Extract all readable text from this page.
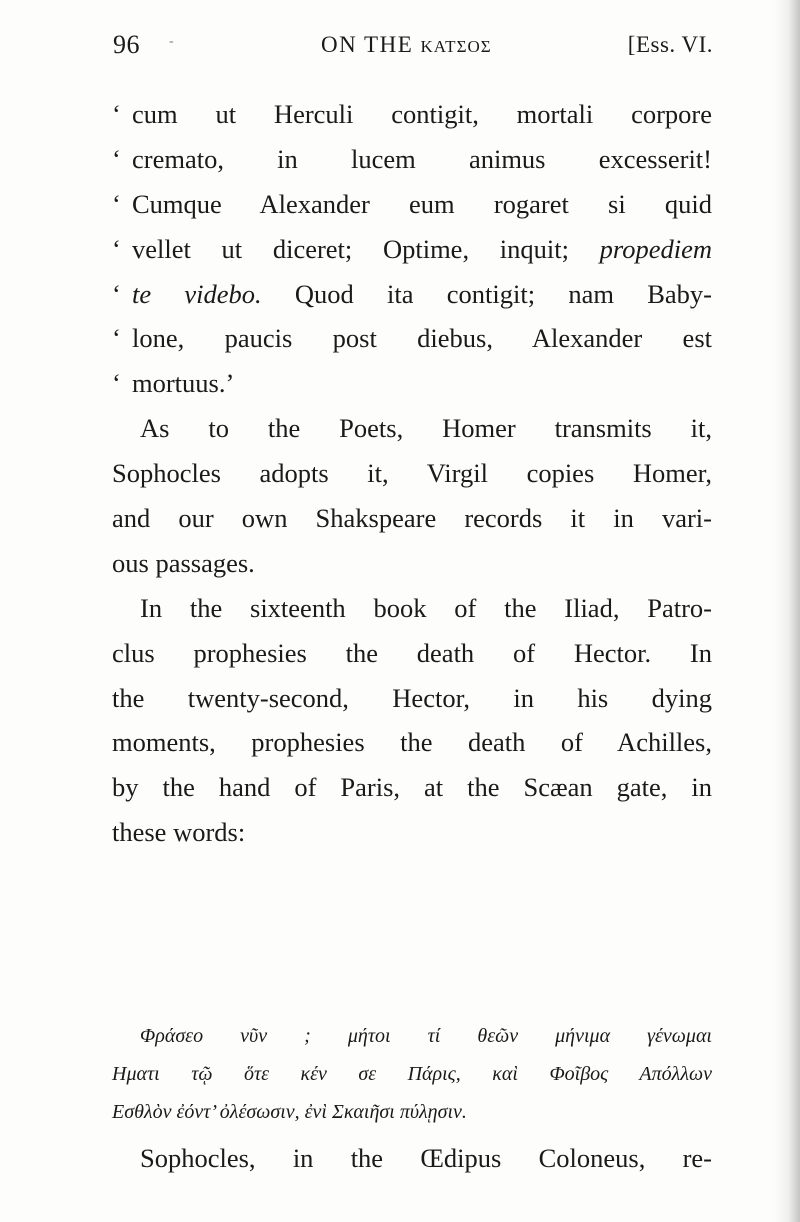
96 -	ON THE KATΣOΣ	[Ess. VI.
‘ cum ut Herculi contigit, mortali corpore
‘ cremato, in lucem animus excesserit!
‘ Cumque Alexander eum rogaret si quid
‘ vellet ut diceret; Optime, inquit; propediem
‘ te videbo. Quod ita contigit; nam Baby-
‘ lone, paucis post diebus, Alexander est
‘ mortuus.’
As to the Poets, Homer transmits it,
Sophocles adopts it, Virgil copies Homer,
and our own Shakspeare records it in vari-
ous passages.
In the sixteenth book of the Iliad, Patro-
clus prophesies the death of Hector. In
the twenty-second, Hector, in his dying
moments, prophesies the death of Achilles,
by the hand of Paris, at the Scæan gate, in
these words:
Φράσεο νῦν ; μήτοι τί θεῶν μήνιμα γένωμαι
Ηματι τῷ ὅτε κέν σε Πάρις, καὶ Φοῖβος Απόλλων
Εσθλὸν ἐόντ’ ὀλέσωσιν, ἐνὶ Σκαιῆσι πύλῃσιν.
Sophocles, in the Œdipus Coloneus, re-
